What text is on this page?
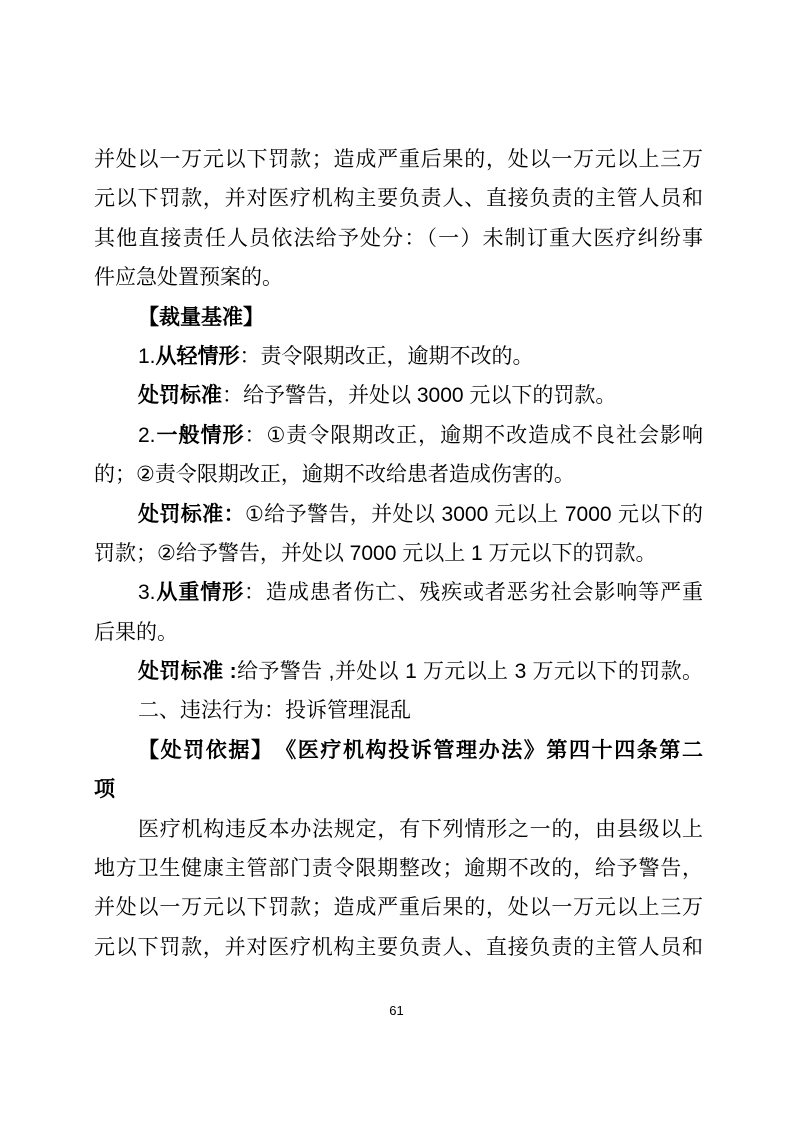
并处以一万元以下罚款；造成严重后果的，处以一万元以上三万
元以下罚款，并对医疗机构主要负责人、直接负责的主管人员和
其他直接责任人员依法给予处分：（一）未制订重大医疗纠纷事
件应急处置预案的。
【裁量基准】
1.从轻情形：责令限期改正，逾期不改的。
处罚标准：给予警告，并处以 3000 元以下的罚款。
2.一般情形：①责令限期改正，逾期不改造成不良社会影响
的；②责令限期改正，逾期不改给患者造成伤害的。
处罚标准：①给予警告，并处以 3000 元以上 7000 元以下的
罚款；②给予警告，并处以 7000 元以上 1 万元以下的罚款。
3.从重情形：造成患者伤亡、残疾或者恶劣社会影响等严重
后果的。
处罚标准 :给予警告 ,并处以 1 万元以上 3 万元以下的罚款。
二、违法行为：投诉管理混乱
【处罚依据】　《医疗机构投诉管理办法》第四十四条第二
项
医疗机构违反本办法规定，有下列情形之一的，由县级以上
地方卫生健康主管部门责令限期整改；逾期不改的，给予警告，
并处以一万元以下罚款；造成严重后果的，处以一万元以上三万
元以下罚款，并对医疗机构主要负责人、直接负责的主管人员和
61
